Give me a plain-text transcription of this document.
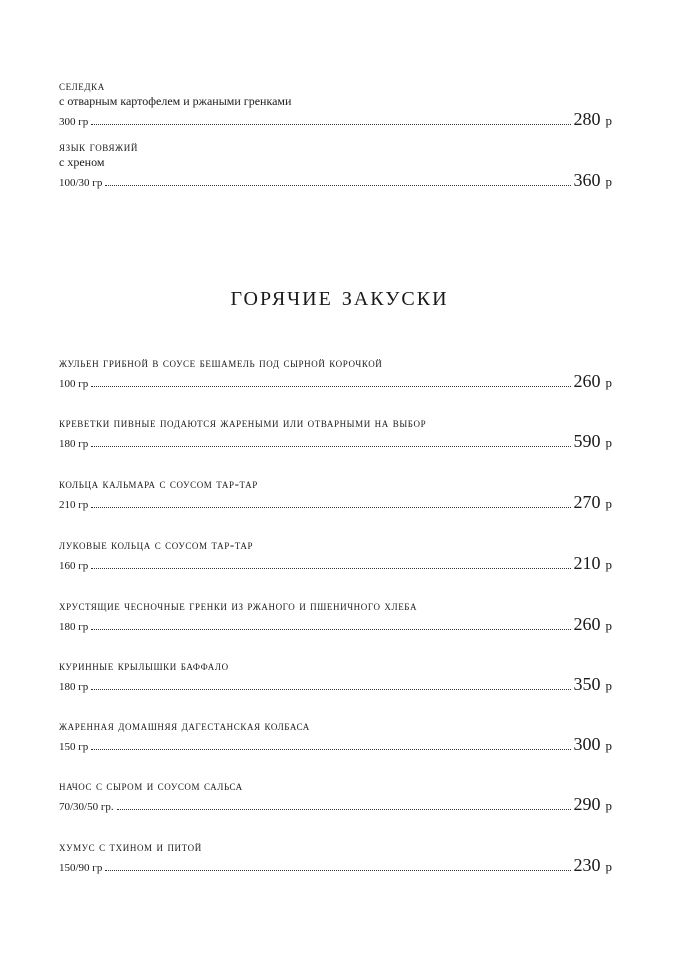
селедка
с отварным картофелем и ржаными гренками
300 гр	280 р
язык говяжий
с хреном
100/30 гр	360 р
горячие закуски
жульен грибной в соусе бешамель под сырной корочкой
100 гр	260 р
креветки пивные подаются жареными или отварными на выбор
180 гр	590 р
кольца кальмара с соусом тар-тар
210 гр	270 р
луковые кольца с соусом тар-тар
160 гр	210 р
хрустящие чесночные гренки из ржаного и пшеничного хлеба
180 гр	260 р
куринные крылышки баффало
180 гр	350 р
жаренная домашняя дагестанская колбаса
150 гр	300 р
начос с сыром и соусом сальса
70/30/50 гр.	290 р
хумус с тхином и питой
150/90 гр	230 р
